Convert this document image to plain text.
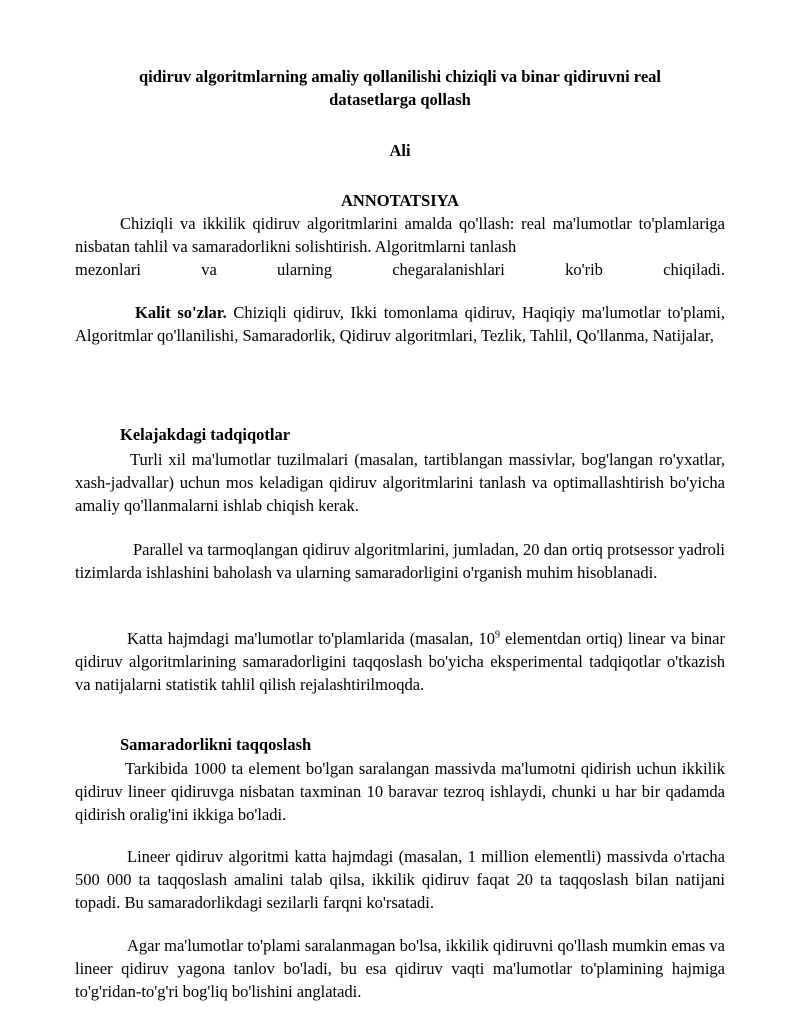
qidiruv algoritmlarning amaliy qollanilishi chiziqli va binar qidiruvni real
datasetlarga qollash
Ali
ANNOTATSIYA
Chiziqli va ikkilik qidiruv algoritmlarini amalda qo'llash: real ma'lumotlar to'plamlariga nisbatan tahlil va samaradorlikni solishtirish. Algoritmlarni tanlash
mezonlari va ularning chegaralanishlari ko'rib chiqiladi.
Kalit so'zlar. Chiziqli qidiruv, Ikki tomonlama qidiruv, Haqiqiy ma'lumotlar to'plami, Algoritmlar qo'llanilishi, Samaradorlik, Qidiruv algoritmlari, Tezlik, Tahlil, Qo'llanma, Natijalar,
Kelajakdagi tadqiqotlar
Turli xil ma'lumotlar tuzilmalari (masalan, tartiblangan massivlar, bog'langan ro'yxatlar, xash-jadvallar) uchun mos keladigan qidiruv algoritmlarini tanlash va optimallashtirish bo'yicha amaliy qo'llanmalarni ishlab chiqish kerak.
Parallel va tarmoqlangan qidiruv algoritmlarini, jumladan, 20 dan ortiq protsessor yadroli tizimlarda ishlashini baholash va ularning samaradorligini o'rganish muhim hisoblanadi.
Katta hajmdagi ma'lumotlar to'plamlarida (masalan, $10^9$ elementdan ortiq) linear va binar qidiruv algoritmlarining samaradorligini taqqoslash bo'yicha eksperimental tadqiqotlar o'tkazish va natijalarni statistik tahlil qilish rejalashtirilmoqda.
Samaradorlikni taqqoslash
Tarkibida 1000 ta element bo'lgan saralangan massivda ma'lumotni qidirish uchun ikkilik qidiruv lineer qidiruvga nisbatan taxminan 10 baravar tezroq ishlaydi, chunki u har bir qadamda qidirish oralig'ini ikkiga bo'ladi.
Lineer qidiruv algoritmi katta hajmdagi (masalan, 1 million elementli) massivda o'rtacha 500 000 ta taqqoslash amalini talab qilsa, ikkilik qidiruv faqat 20 ta taqqoslash bilan natijani topadi. Bu samaradorlikdagi sezilarli farqni ko'rsatadi.
Agar ma'lumotlar to'plami saralanmagan bo'lsa, ikkilik qidiruvni qo'llash mumkin emas va lineer qidiruv yagona tanlov bo'ladi, bu esa qidiruv vaqti ma'lumotlar to'plamining hajmiga to'g'ridan-to'g'ri bog'liq bo'lishini anglatadi.
